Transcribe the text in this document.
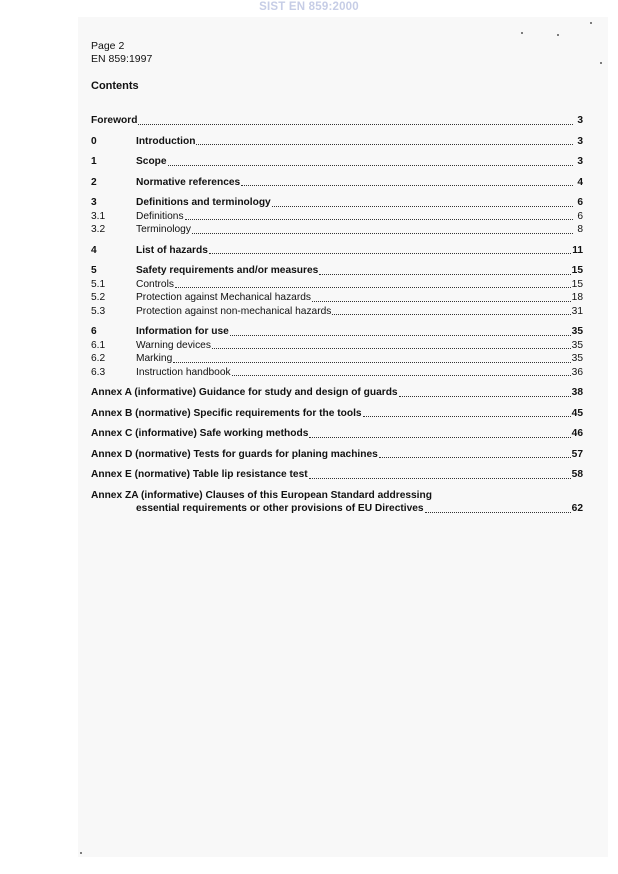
SIST EN 859:2000
Page 2
EN 859:1997
Contents
Foreword	3
0	Introduction	3
1	Scope	3
2	Normative references	4
3	Definitions and terminology	6
3.1	Definitions	6
3.2	Terminology	8
4	List of hazards	11
5	Safety requirements and/or measures	15
5.1	Controls	15
5.2	Protection against Mechanical hazards	18
5.3	Protection against non-mechanical hazards	31
6	Information for use	35
6.1	Warning devices	35
6.2	Marking	35
6.3	Instruction handbook	36
Annex A (informative) Guidance for study and design of guards	38
Annex B (normative) Specific requirements for the tools	45
Annex C (informative) Safe working methods	46
Annex D (normative) Tests for guards for planing machines	57
Annex E (normative) Table lip resistance test	58
Annex ZA (informative) Clauses of this European Standard addressing
essential requirements or other provisions of EU Directives	62
